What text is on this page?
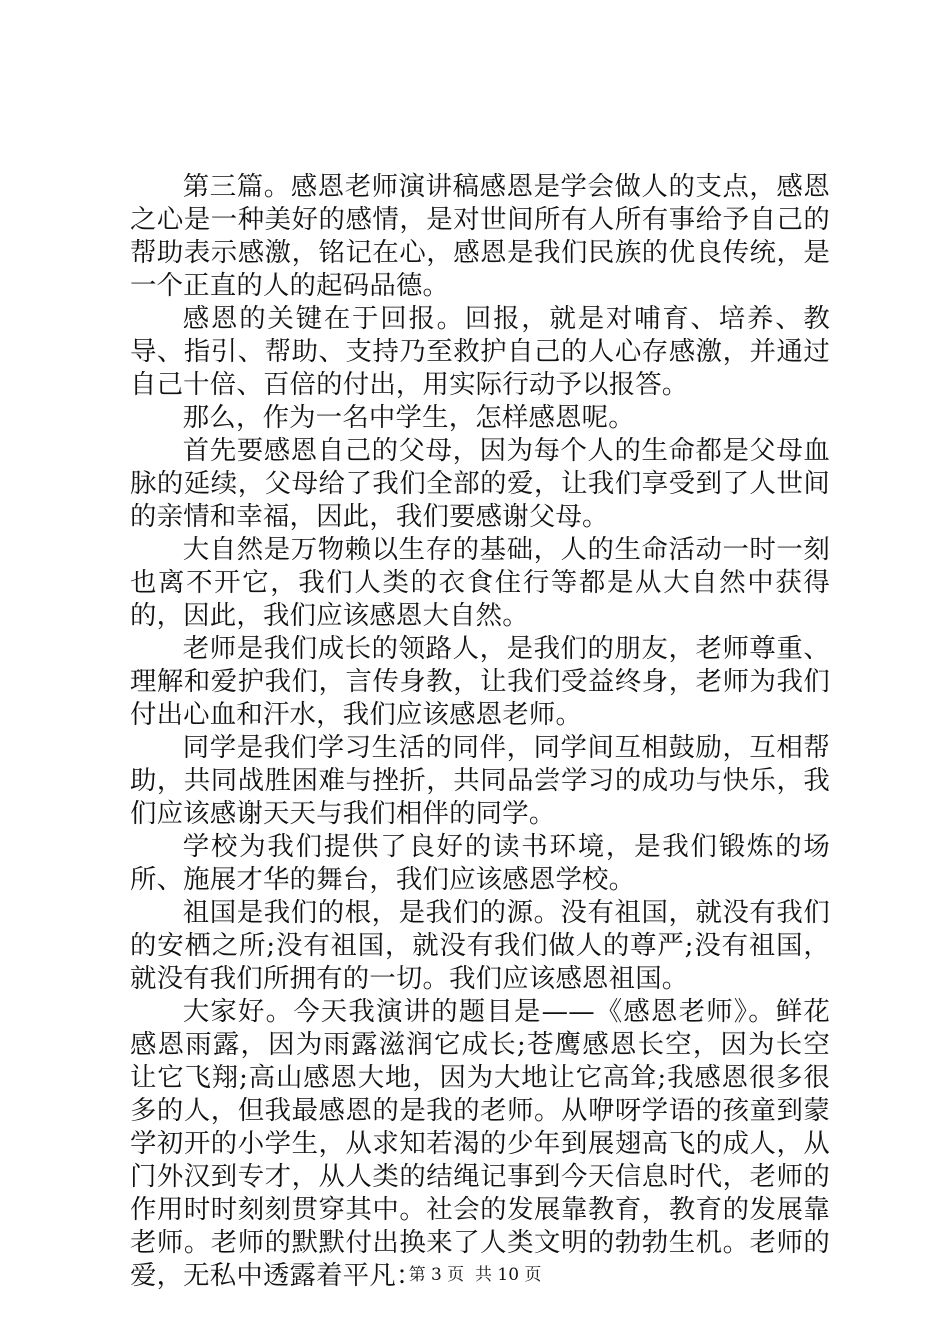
第三篇。感恩老师演讲稿感恩是学会做人的支点，感恩之心是一种美好的感情，是对世间所有人所有事给予自己的帮助表示感激，铭记在心，感恩是我们民族的优良传统，是一个正直的人的起码品德。

感恩的关键在于回报。回报，就是对哺育、培养、教导、指引、帮助、支持乃至救护自己的人心存感激，并通过自己十倍、百倍的付出，用实际行动予以报答。

那么，作为一名中学生，怎样感恩呢。

首先要感恩自己的父母，因为每个人的生命都是父母血脉的延续，父母给了我们全部的爱，让我们享受到了人世间的亲情和幸福，因此，我们要感谢父母。

大自然是万物赖以生存的基础，人的生命活动一时一刻也离不开它，我们人类的衣食住行等都是从大自然中获得的，因此，我们应该感恩大自然。

老师是我们成长的领路人，是我们的朋友，老师尊重、理解和爱护我们，言传身教，让我们受益终身，老师为我们付出心血和汗水，我们应该感恩老师。

同学是我们学习生活的同伴，同学间互相鼓励，互相帮助，共同战胜困难与挫折，共同品尝学习的成功与快乐，我们应该感谢天天与我们相伴的同学。

学校为我们提供了良好的读书环境，是我们锻炼的场所、施展才华的舞台，我们应该感恩学校。

祖国是我们的根，是我们的源。没有祖国，就没有我们的安栖之所;没有祖国，就没有我们做人的尊严;没有祖国，就没有我们所拥有的一切。我们应该感恩祖国。

大家好。今天我演讲的题目是——《感恩老师》。鲜花感恩雨露，因为雨露滋润它成长;苍鹰感恩长空，因为长空让它飞翔;高山感恩大地，因为大地让它高耸;我感恩很多很多的人，但我最感恩的是我的老师。从咿呀学语的孩童到蒙学初开的小学生，从求知若渴的少年到展翅高飞的成人，从门外汉到专才，从人类的结绳记事到今天信息时代，老师的作用时时刻刻贯穿其中。社会的发展靠教育，教育的发展靠老师。老师的默默付出换来了人类文明的勃勃生机。老师的爱，无私中透露着平凡：

第 3 页  共 10 页
